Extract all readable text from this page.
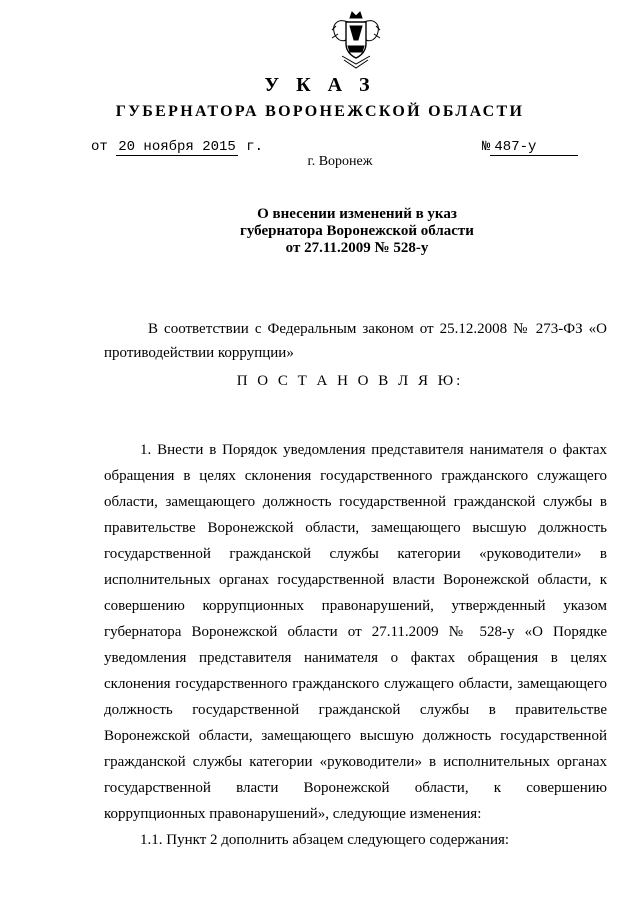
У К А З
ГУБЕРНАТОРА ВОРОНЕЖСКОЙ ОБЛАСТИ
от 20 ноября 2015 г.	№ 487-у
г. Воронеж
О внесении изменений в указ
губернатора Воронежской области
от 27.11.2009 № 528-у
В соответствии с Федеральным законом от 25.12.2008 № 273-ФЗ «О
противодействии коррупции»
1. Внести в Порядок уведомления представителя нанимателя о фактах
обращения в целях склонения государственного гражданского служащего
области, замещающего должность государственной гражданской службы в
правительстве Воронежской области, замещающего высшую должность
государственной гражданской службы категории «руководители» в
исполнительных органах государственной власти Воронежской области, к
совершению коррупционных правонарушений, утвержденный указом
губернатора Воронежской области от 27.11.2009 № 528-у «О Порядке
уведомления представителя нанимателя о фактах обращения в целях
склонения государственного гражданского служащего области, замещающего
должность государственной гражданской службы в правительстве
Воронежской области, замещающего высшую должность государственной
гражданской службы категории «руководители» в исполнительных органах
государственной власти Воронежской области, к совершению
коррупционных правонарушений», следующие изменения:
1.1. Пункт 2 дополнить абзацем следующего содержания:
П О С Т А Н О В Л Я Ю:
